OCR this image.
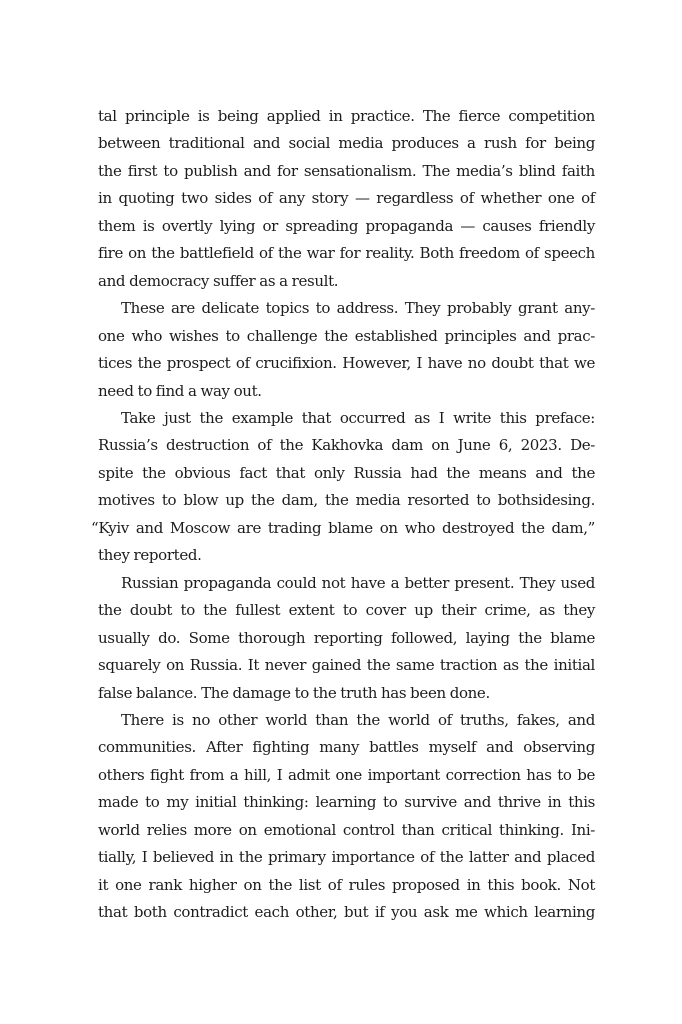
tal principle is being applied in practice. The fierce competition
between traditional and social media produces a rush for being
the first to publish and for sensationalism. The media’s blind faith
in quoting two sides of any story — regardless of whether one of
them is overtly lying or spreading propaganda — causes friendly
fire on the battlefield of the war for reality. Both freedom of speech
and democracy suffer as a result.

These are delicate topics to address. They probably grant any-
one who wishes to challenge the established principles and prac-
tices the prospect of crucifixion. However, I have no doubt that we
need to find a way out.

Take just the example that occurred as I write this preface:
Russia’s destruction of the Kakhovka dam on June 6, 2023. De-
spite the obvious fact that only Russia had the means and the
motives to blow up the dam, the media resorted to bothsidesing.
“Kyiv and Moscow are trading blame on who destroyed the dam,”
they reported.

Russian propaganda could not have a better present. They used
the doubt to the fullest extent to cover up their crime, as they
usually do. Some thorough reporting followed, laying the blame
squarely on Russia. It never gained the same traction as the initial
false balance. The damage to the truth has been done.

There is no other world than the world of truths, fakes, and
communities. After fighting many battles myself and observing
others fight from a hill, I admit one important correction has to be
made to my initial thinking: learning to survive and thrive in this
world relies more on emotional control than critical thinking. Ini-
tially, I believed in the primary importance of the latter and placed
it one rank higher on the list of rules proposed in this book. Not
that both contradict each other, but if you ask me which learning
